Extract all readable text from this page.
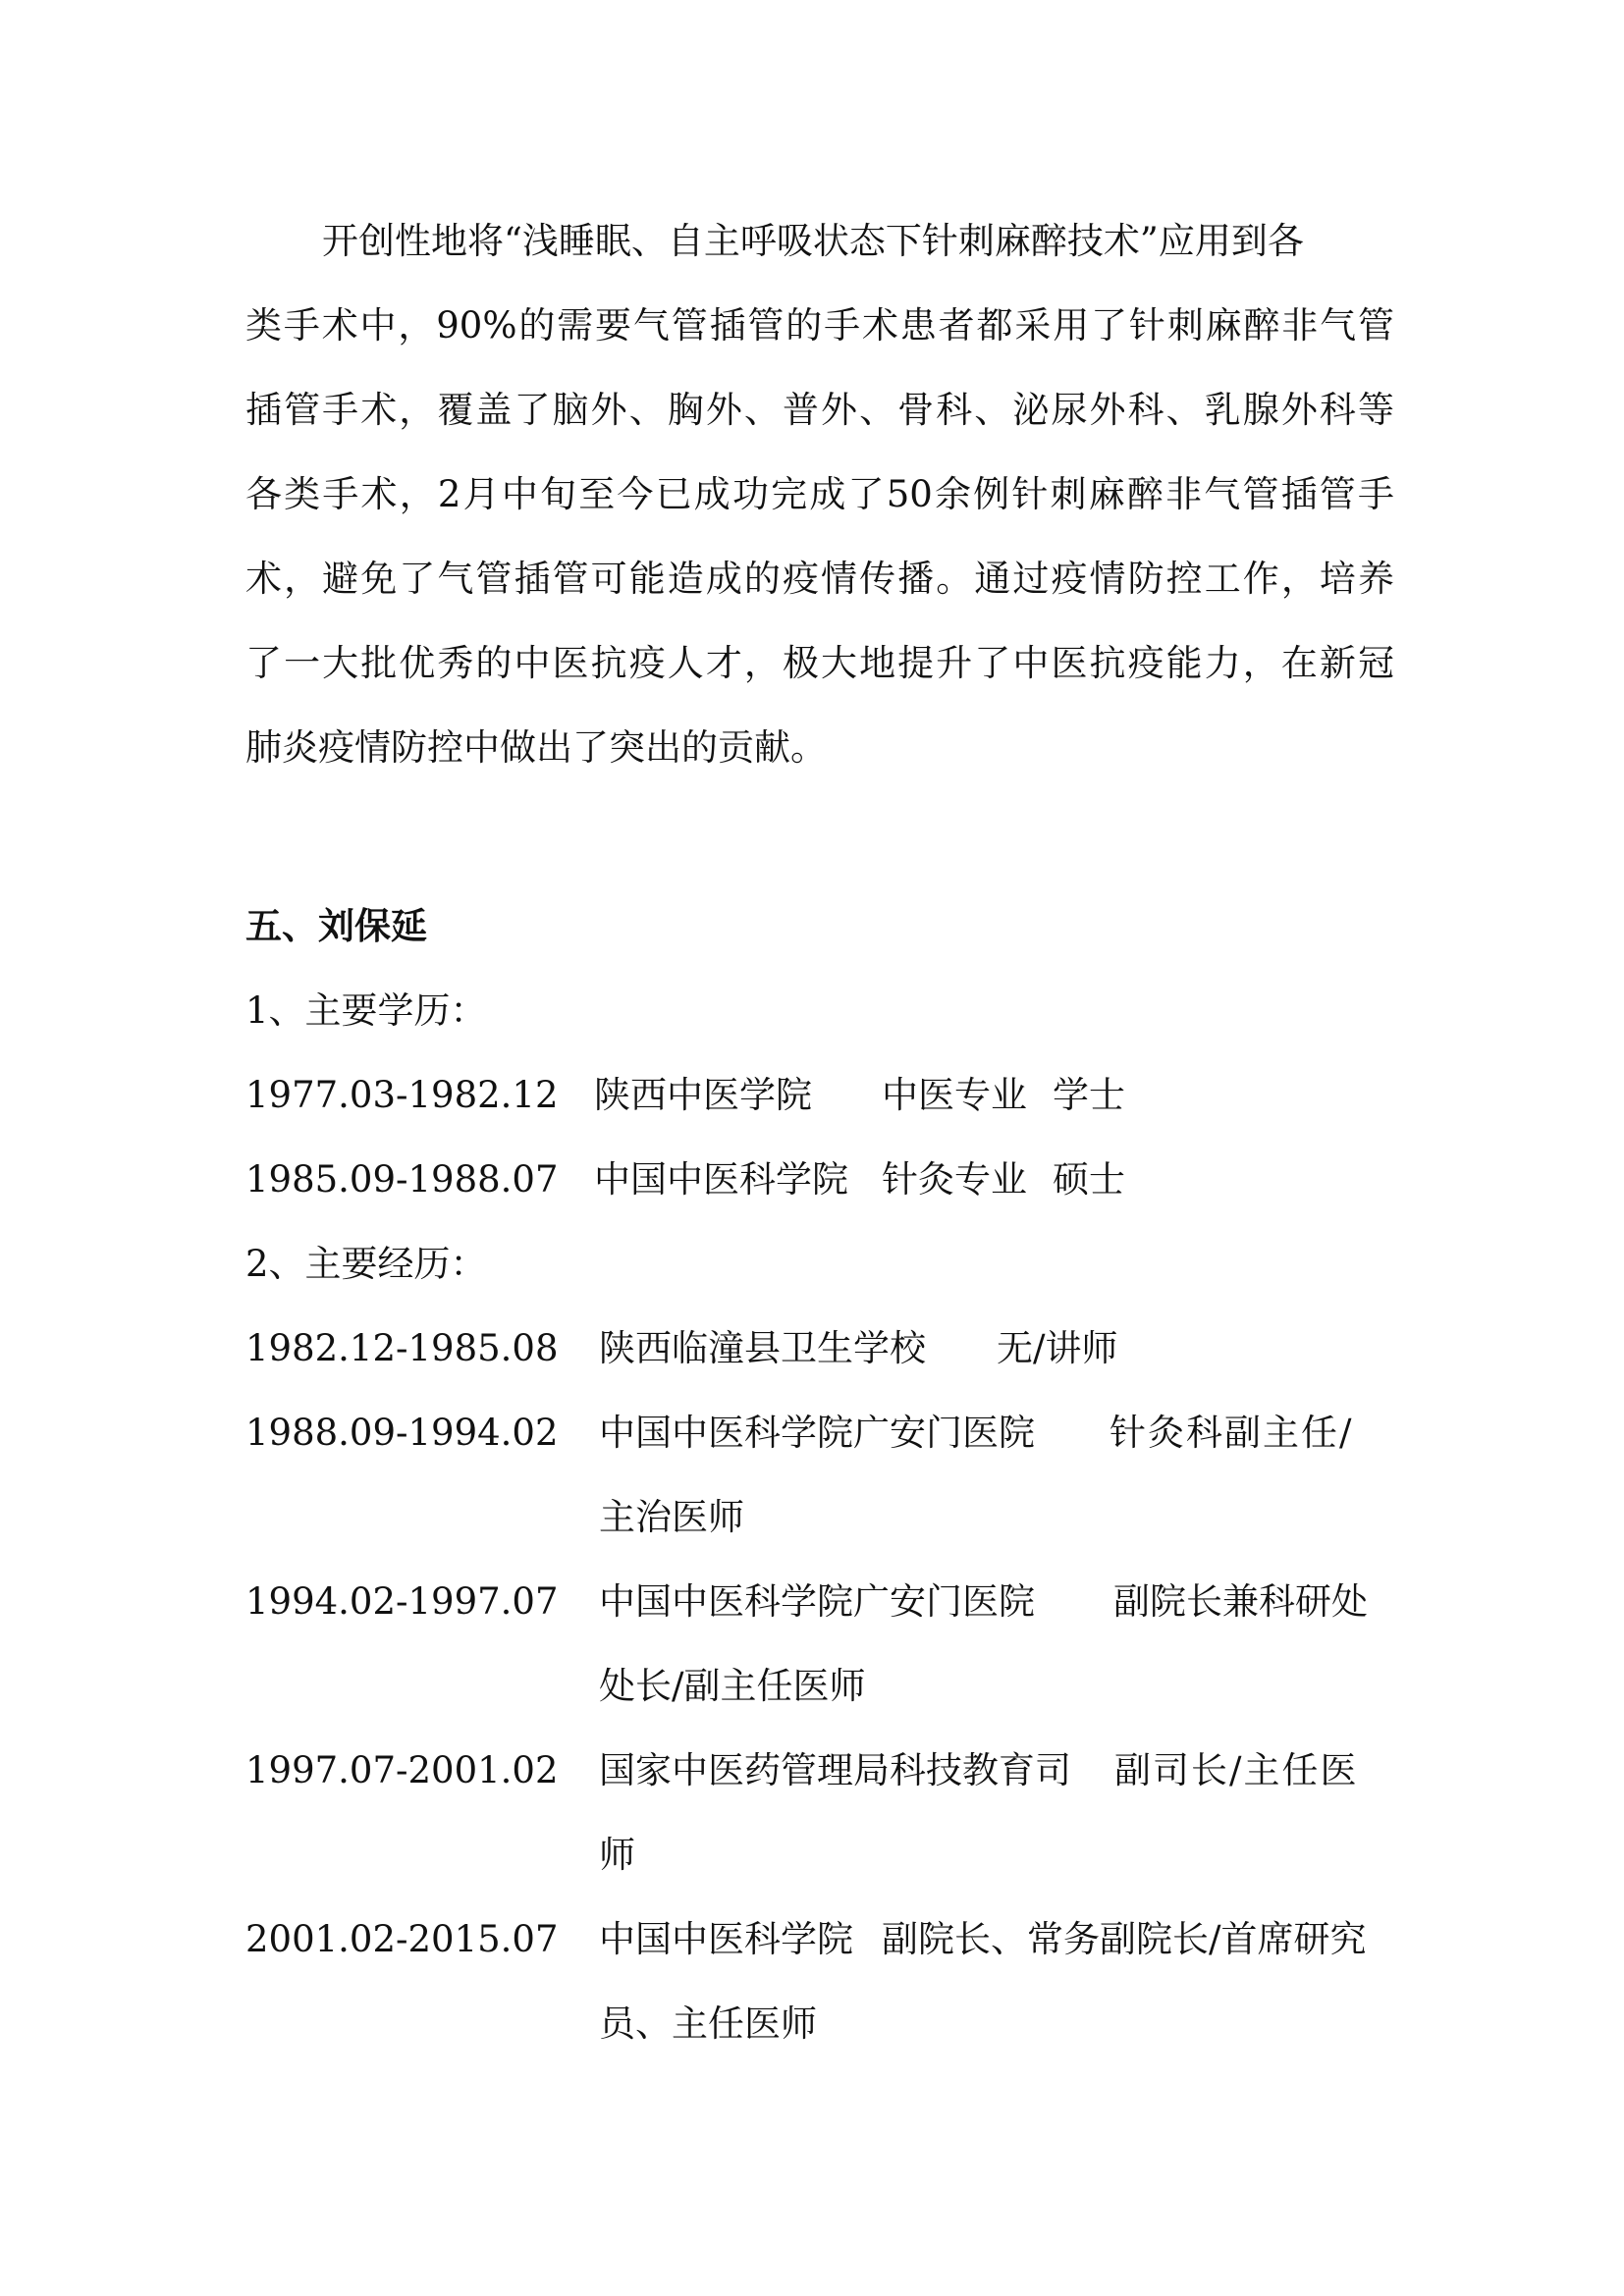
开创性地将“浅睡眠、自主呼吸状态下针刺麻醉技术”应用到各
类手术中，90%的需要气管插管的手术患者都采用了针刺麻醉非气管
插管手术，覆盖了脑外、胸外、普外、骨科、泌尿外科、乳腺外科等
各类手术，2月中旬至今已成功完成了50余例针刺麻醉非气管插管手
术，避免了气管插管可能造成的疫情传播。通过疫情防控工作，培养
了一大批优秀的中医抗疫人才，极大地提升了中医抗疫能力，在新冠
肺炎疫情防控中做出了突出的贡献。
五、刘保延
1、主要学历：
1977.03-1982.12 陕西中医学院 中医专业 学士
1985.09-1988.07 中国中医科学院 针灸专业 硕士
2、主要经历：
1982.12-1985.08	陕西临潼县卫生学校 无/讲师
1988.09-1994.02	中国中医科学院广安门医院 针灸科副主任/
主治医师
1994.02-1997.07	中国中医科学院广安门医院 副院长兼科研处
处长/副主任医师
1997.07-2001.02	国家中医药管理局科技教育司 副司长/主任医
师
2001.02-2015.07	中国中医科学院 副院长、常务副院长/首席研究
员、主任医师
